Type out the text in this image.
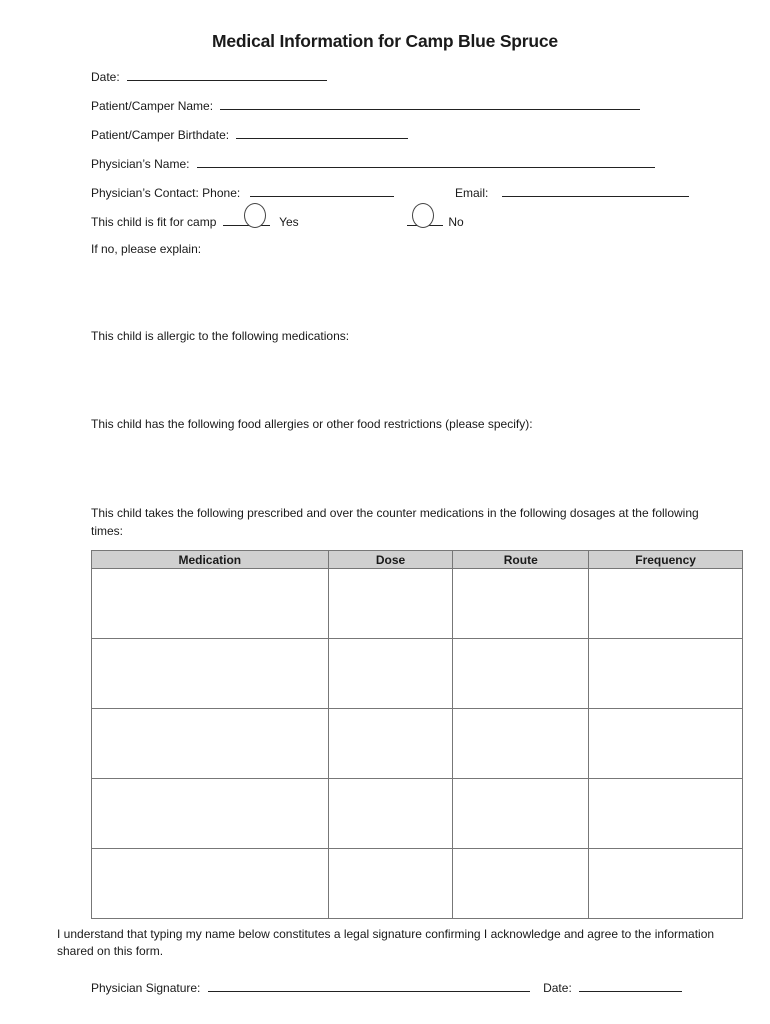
Medical Information for Camp Blue Spruce
Date:
Patient/Camper Name:
Patient/Camper Birthdate:
Physician’s Name:
Physician’s Contact: Phone:	Email:
This child is fit for camp	Yes	No
If no, please explain:
This child is allergic to the following medications:
This child has the following food allergies or other food restrictions (please specify):
This child takes the following prescribed and over the counter medications in the following dosages at the following times:
Medication	Dose	Route	Frequency

I understand that typing my name below constitutes a legal signature confirming I acknowledge and agree to the information shared on this form.
Physician Signature:	Date:
